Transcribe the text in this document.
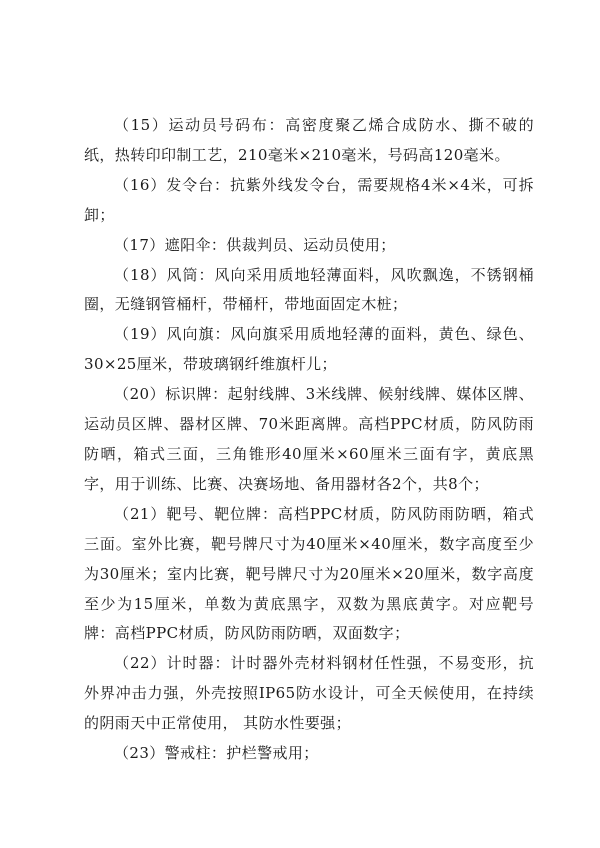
（15）运动员号码布：高密度聚乙烯合成防水、撕不破的纸，热转印印制工艺，210毫米×210毫米，号码高120毫米。

（16）发令台：抗紫外线发令台，需要规格4米×4米，可拆卸；

（17）遮阳伞：供裁判员、运动员使用；

（18）风筒：风向采用质地轻薄面料，风吹飘逸，不锈钢桶圈，无缝钢管桶杆，带桶杆，带地面固定木桩；

（19）风向旗：风向旗采用质地轻薄的面料，黄色、绿色、30×25厘米，带玻璃钢纤维旗杆儿；

（20）标识牌：起射线牌、3米线牌、候射线牌、媒体区牌、运动员区牌、器材区牌、70米距离牌。高档PPC材质，防风防雨防晒，箱式三面，三角锥形40厘米×60厘米三面有字，黄底黑字，用于训练、比赛、决赛场地、备用器材各2个，共8个；

（21）靶号、靶位牌：高档PPC材质，防风防雨防晒，箱式三面。室外比赛，靶号牌尺寸为40厘米×40厘米，数字高度至少为30厘米；室内比赛，靶号牌尺寸为20厘米×20厘米，数字高度至少为15厘米，单数为黄底黑字，双数为黑底黄字。对应靶号牌：高档PPC材质，防风防雨防晒，双面数字；

（22）计时器：计时器外壳材料钢材任性强，不易变形，抗外界冲击力强，外壳按照IP65防水设计，可全天候使用，在持续的阴雨天中正常使用， 其防水性要强；

（23）警戒柱：护栏警戒用；
